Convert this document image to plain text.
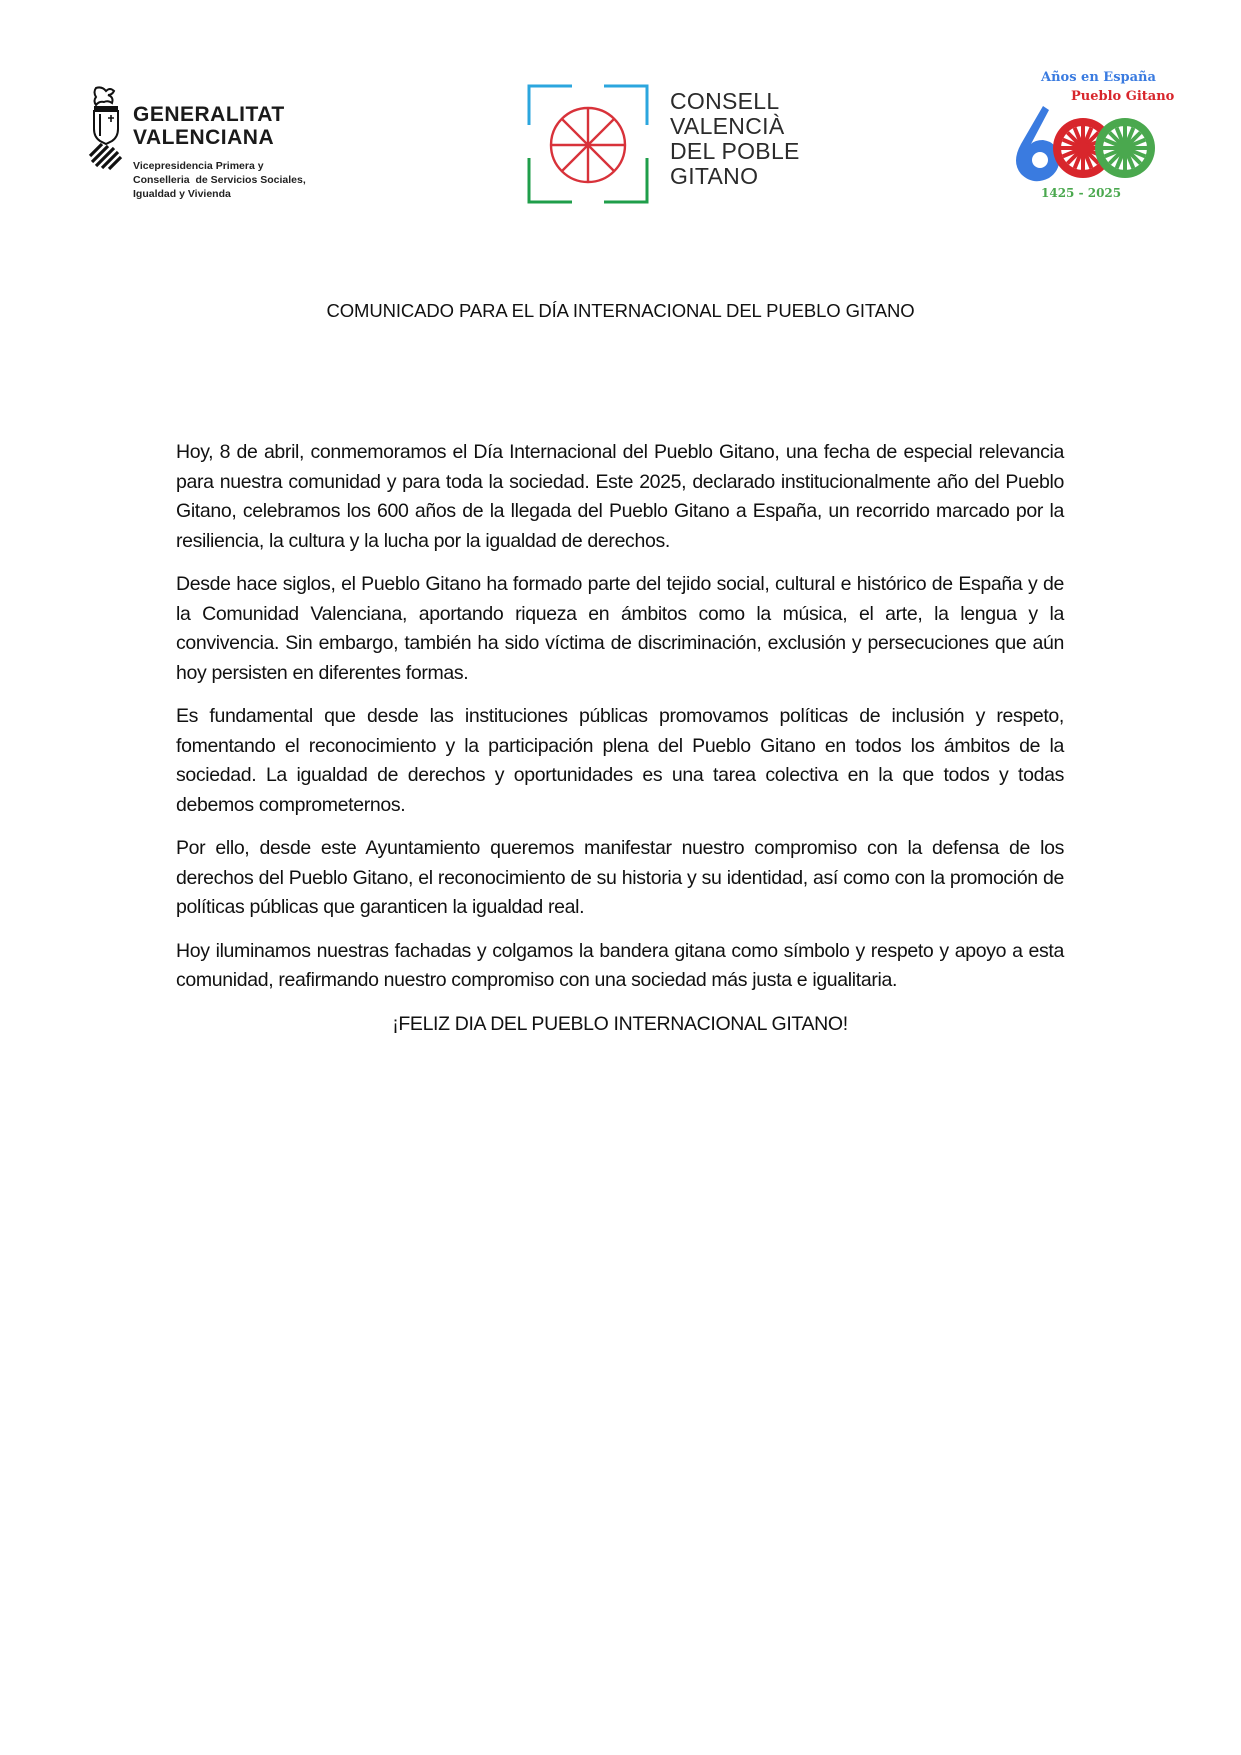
GENERALITAT
VALENCIANA
Vicepresidencia Primera y
Conselleria  de Servicios Sociales,
Igualdad y Vivienda
CONSELL
VALENCIÀ
DEL POBLE
GITANO
Años en España
Pueblo Gitano
1425 - 2025
COMUNICADO PARA EL DÍA INTERNACIONAL DEL PUEBLO GITANO

Hoy, 8 de abril, conmemoramos el Día Internacional del Pueblo Gitano, una fecha de especial relevancia para nuestra comunidad y para toda la sociedad. Este 2025, declarado institucionalmente año del Pueblo Gitano, celebramos los 600 años de la llegada del Pueblo Gitano a España, un recorrido marcado por la resiliencia, la cultura y la lucha por la igualdad de derechos.

Desde hace siglos, el Pueblo Gitano ha formado parte del tejido social, cultural e histórico de España y de la Comunidad Valenciana, aportando riqueza en ámbitos como la música, el arte, la lengua y la convivencia. Sin embargo, también ha sido víctima de discriminación, exclusión y persecuciones que aún hoy persisten en diferentes formas.

Es fundamental que desde las instituciones públicas promovamos políticas de inclusión y respeto, fomentando el reconocimiento y la participación plena del Pueblo Gitano en todos los ámbitos de la sociedad. La igualdad de derechos y oportunidades es una tarea colectiva en la que todos y todas debemos comprometernos.

Por ello, desde este Ayuntamiento queremos manifestar nuestro compromiso con la defensa de los derechos del Pueblo Gitano, el reconocimiento de su historia y su identidad, así como con la promoción de políticas públicas que garanticen la igualdad real.

Hoy iluminamos nuestras fachadas y colgamos la bandera gitana como símbolo y respeto y apoyo a esta comunidad, reafirmando nuestro compromiso con una sociedad más justa e igualitaria.

¡FELIZ DIA DEL PUEBLO INTERNACIONAL GITANO!
